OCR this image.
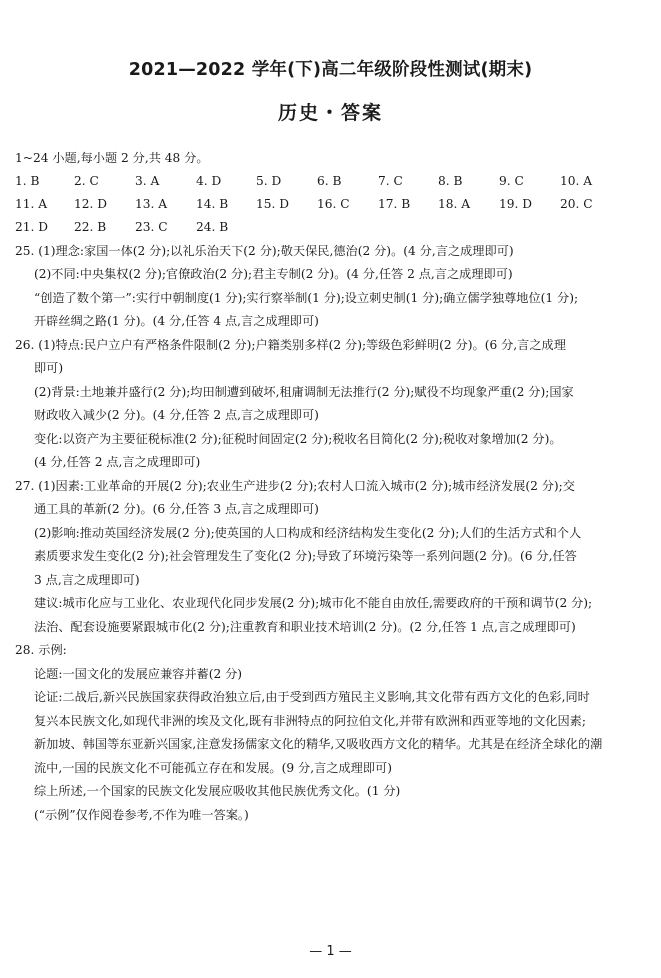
2021—2022 学年(下)高二年级阶段性测试(期末)
历史・答案
1~24 小题,每小题 2 分,共 48 分。
1. B	2. C	3. A	4. D	5. D	6. B	7. C	8. B	9. C	10. A
11. A 12. D 13. A 14. B 15. D 16. C 17. B 18. A 19. D 20. C
21. D 22. B 23. C 24. B
25. (1)理念:家国一体(2 分);以礼乐治天下(2 分);敬天保民,德治(2 分)。(4 分,言之成理即可)
(2)不同:中央集权(2 分);官僚政治(2 分);君主专制(2 分)。(4 分,任答 2 点,言之成理即可)
“创造了数个第一”:实行中朝制度(1 分);实行察举制(1 分);设立刺史制(1 分);确立儒学独尊地位(1 分);
开辟丝绸之路(1 分)。(4 分,任答 4 点,言之成理即可)
26. (1)特点:民户立户有严格条件限制(2 分);户籍类别多样(2 分);等级色彩鲜明(2 分)。(6 分,言之成理
即可)
(2)背景:土地兼并盛行(2 分);均田制遭到破坏,租庸调制无法推行(2 分);赋役不均现象严重(2 分);国家
财政收入减少(2 分)。(4 分,任答 2 点,言之成理即可)
变化:以资产为主要征税标准(2 分);征税时间固定(2 分);税收名目简化(2 分);税收对象增加(2 分)。
(4 分,任答 2 点,言之成理即可)
27. (1)因素:工业革命的开展(2 分);农业生产进步(2 分);农村人口流入城市(2 分);城市经济发展(2 分);交
通工具的革新(2 分)。(6 分,任答 3 点,言之成理即可)
(2)影响:推动英国经济发展(2 分);使英国的人口构成和经济结构发生变化(2 分);人们的生活方式和个人
素质要求发生变化(2 分);社会管理发生了变化(2 分);导致了环境污染等一系列问题(2 分)。(6 分,任答
3 点,言之成理即可)
建议:城市化应与工业化、农业现代化同步发展(2 分);城市化不能自由放任,需要政府的干预和调节(2 分);
法治、配套设施要紧跟城市化(2 分);注重教育和职业技术培训(2 分)。(2 分,任答 1 点,言之成理即可)
28. 示例:
论题:一国文化的发展应兼容并蓄(2 分)
论证:二战后,新兴民族国家获得政治独立后,由于受到西方殖民主义影响,其文化带有西方文化的色彩,同时
复兴本民族文化,如现代非洲的埃及文化,既有非洲特点的阿拉伯文化,并带有欧洲和西亚等地的文化因素;
新加坡、韩国等东亚新兴国家,注意发扬儒家文化的精华,又吸收西方文化的精华。尤其是在经济全球化的潮
流中,一国的民族文化不可能孤立存在和发展。(9 分,言之成理即可)
综上所述,一个国家的民族文化发展应吸收其他民族优秀文化。(1 分)
(“示例”仅作阅卷参考,不作为唯一答案。)
— 1 —
